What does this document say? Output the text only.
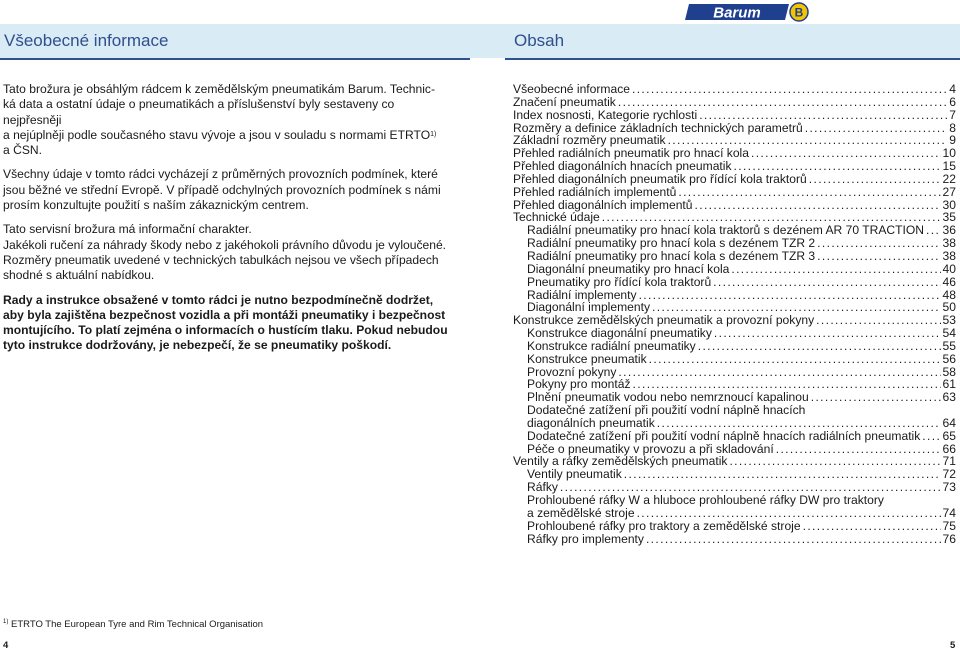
Barum	B
Všeobecné informace	Obsah

Tato brožura je obsáhlým rádcem k zemědělským pneumatikám Barum. Technic-

ká data a ostatní údaje o pneumatikách a příslušenství byly sestaveny co nejpřesněji

a nejúplněji podle současného stavu vývoje a jsou v souladu s normami ETRTO$^{1)}$

a ČSN.

Všechny údaje v tomto rádci vycházejí z průměrných provozních podmínek, které jsou běžné ve střední Evropě. V případě odchylných provozních podmínek s námi prosím konzultujte použití s naším zákaznickým centrem.

Tato servisní brožura má informační charakter.

Jakékoli ručení za náhrady škody nebo z jakéhokoli právního důvodu je vyloučené.

Rozměry pneumatik uvedené v technických tabulkách nejsou ve všech případech shodné s aktuální nabídkou.

Rady a instrukce obsažené v tomto rádci je nutno bezpodmínečně dodržet, aby byla zajištěna bezpečnost vozidla a při montáži pneumatiky i bezpečnost montujícího. To platí zejména o informacích o hustícím tlaku. Pokud nebudou tyto instrukce dodržovány, je nebezpečí, že se pneumatiky poškodí.

Všeobecné informace . . .	4
Značení pneumatik . . .	6
Index nosnosti, Kategorie rychlosti . . .	7
Rozměry a definice základních technických parametrů . . .	8
Základní rozměry pneumatik . . .	9
Přehled radiálních pneumatik pro hnací kola . . .	10
Přehled diagonálních hnacích pneumatik . . .	15
Přehled diagonálních pneumatik pro řídící kola traktorů . . .	22
Přehled radiálních implementů . . .	27
Přehled diagonálních implementů . . .	30
Technické údaje . . .	35
Radiální pneumatiky pro hnací kola traktorů s dezénem AR 70 TRACTION . . . 36
Radiální pneumatiky pro hnací kola s dezénem TZR 2 . . .	38
Radiální pneumatiky pro hnací kola s dezénem TZR 3 . . .	38
Diagonální pneumatiky pro hnací kola . . .	40
Pneumatiky pro řídící kola traktorů . . .	46
Radiální implementy . . .	48
Diagonální implementy . . .	50
Konstrukce zemědělských pneumatik a provozní pokyny . . .	53
Konstrukce diagonální pneumatiky . . .	54
Konstrukce radiální pneumatiky . . .	55
Konstrukce pneumatik . . .	56
Provozní pokyny . . .	58
Pokyny pro montáž . . .	61
Plnění pneumatik vodou nebo nemrznoucí kapalinou . . .	63
Dodatečné zatížení při použití vodní náplně hnacích
diagonálních pneumatik . . .	64
Dodatečné zatížení při použití vodní náplně hnacích radiálních pneumatik . . . 65
Péče o pneumatiky v provozu a při skladování . . .	66
Ventily a ráfky zemědělských pneumatik . . .	71
Ventily pneumatik . . .	72
Ráfky . . .	73
Prohloubené ráfky W a hluboce prohloubené ráfky DW pro traktory
a zemědělské stroje . . .	74
Prohloubené ráfky pro traktory a zemědělské stroje . . .	75
Ráfky pro implementy . . .	76
$^{1)}$ ETRTO The European Tyre and Rim Technical Organisation
4	5
